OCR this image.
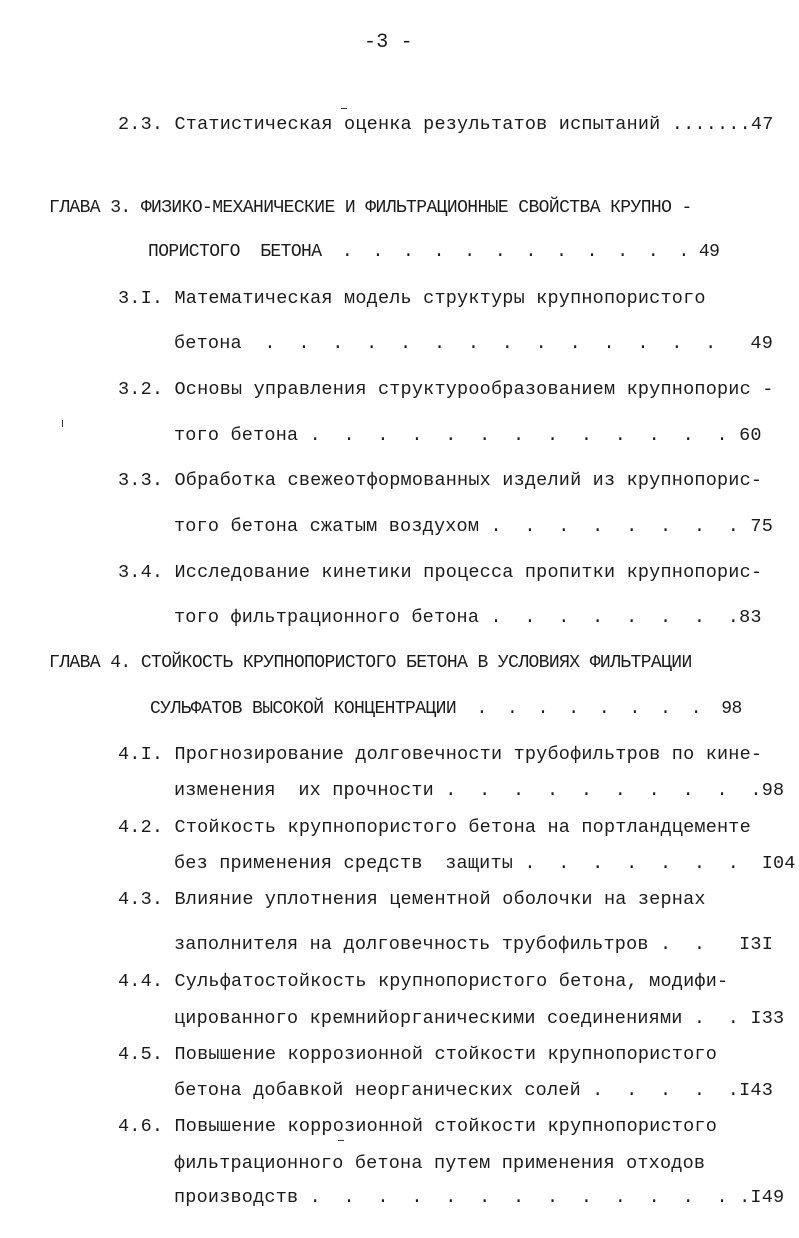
-3 -
2.3. Статистическая оценка результатов испытаний .......47
ГЛАВА 3. ФИЗИКО-МЕХАНИЧЕСКИЕ И ФИЛЬТРАЦИОННЫЕ СВОЙСТВА КРУПНО -
ПОРИСТОГО  БЕТОНА  .  .  .  .  .  .  .  .  .  .  .  . 49
3.I. Математическая модель структуры крупнопористого
бетона  .  .  .  .  .  .  .  .  .  .  .  .  .  .   49
3.2. Основы управления структурообразованием крупнопорис -
того бетона .  .  .  .  .  .  .  .  .  .  .  .  . 60
3.3. Обработка свежеотформованных изделий из крупнопорис-
того бетона сжатым воздухом .  .  .  .  .  .  .  . 75
3.4. Исследование кинетики процесса пропитки крупнопорис-
того фильтрационного бетона .  .  .  .  .  .  .  .83
ГЛАВА 4. СТОЙКОСТЬ КРУПНОПОРИСТОГО БЕТОНА В УСЛОВИЯХ ФИЛЬТРАЦИИ
СУЛЬФАТОВ ВЫСОКОЙ КОНЦЕНТРАЦИИ  .  .  .  .  .  .  .  .  98
4.I. Прогнозирование долговечности трубофильтров по кине-
изменения  их прочности .  .  .  .  .  .  .  .  .  .98
4.2. Стойкость крупнопористого бетона на портландцементе
без применения средств  защиты .  .  .  .  .  .  .  I04
4.3. Влияние уплотнения цементной оболочки на зернах
заполнителя на долговечность трубофильтров .  .   I3I
4.4. Сульфатостойкость крупнопористого бетона, модифи-
цированного кремнийорганическими соединениями .  . I33
4.5. Повышение коррозионной стойкости крупнопористого
бетона добавкой неорганических солей .  .  .  .  .I43
4.6. Повышение коррозионной стойкости крупнопористого
фильтрационного бетона путем применения отходов
производств .  .  .  .  .  .  .  .  .  .  .  .  . .I49
